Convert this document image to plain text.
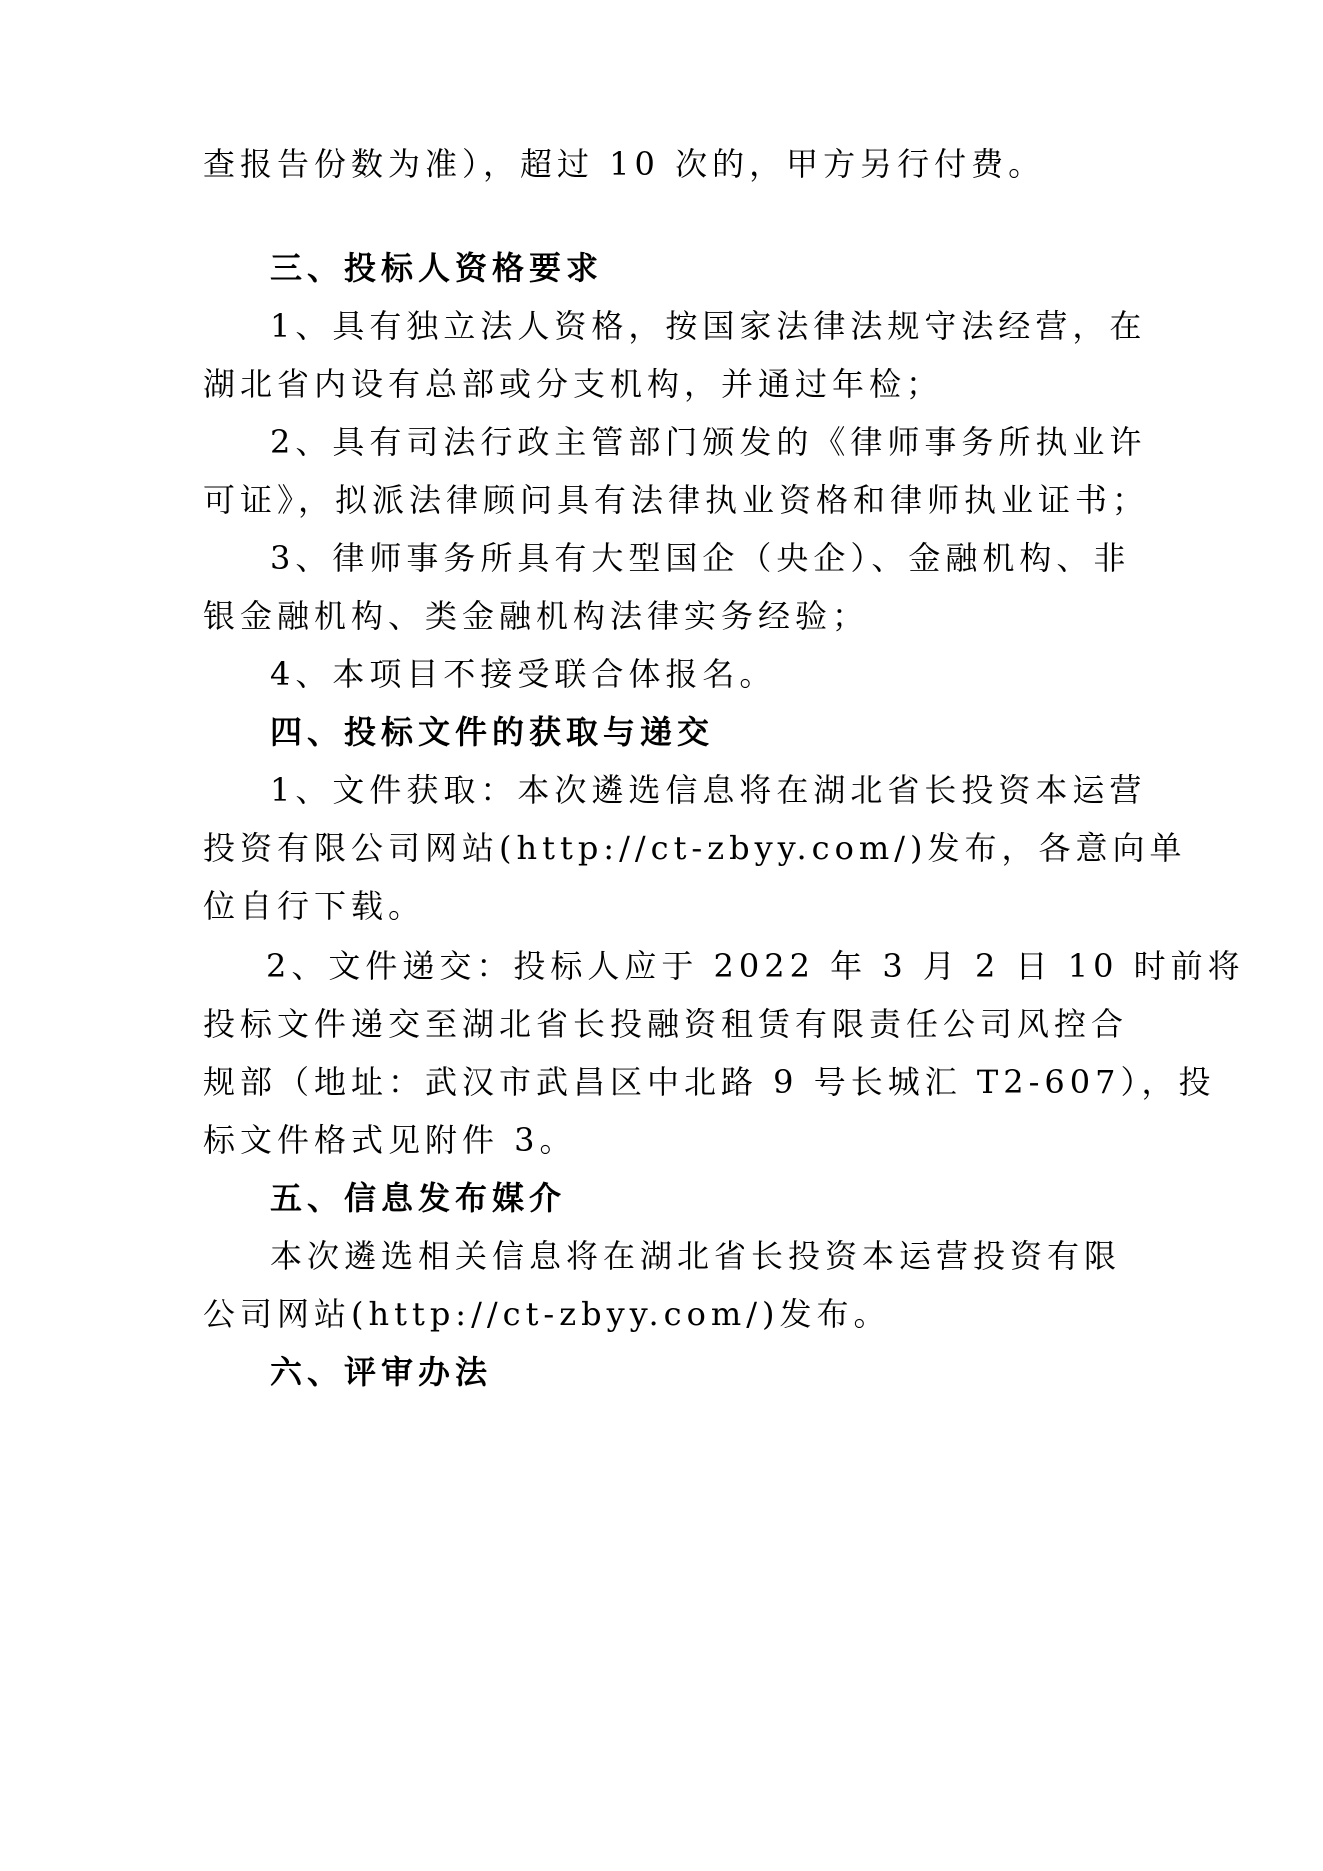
查报告份数为准），超过 10 次的，甲方另行付费。
三、投标人资格要求
1、具有独立法人资格，按国家法律法规守法经营，在
湖北省内设有总部或分支机构，并通过年检；
2、具有司法行政主管部门颁发的《律师事务所执业许
可证》，拟派法律顾问具有法律执业资格和律师执业证书；
3、律师事务所具有大型国企（央企）、金融机构、非
银金融机构、类金融机构法律实务经验；
4、本项目不接受联合体报名。
四、投标文件的获取与递交
1、文件获取：本次遴选信息将在湖北省长投资本运营
投资有限公司网站(http://ct-zbyy.com/)发布，各意向单
位自行下载。
2、文件递交：投标人应于 2022 年 3 月 2 日 10 时前将
投标文件递交至湖北省长投融资租赁有限责任公司风控合
规部（地址：武汉市武昌区中北路 9 号长城汇 T2-607），投
标文件格式见附件 3。
五、信息发布媒介
本次遴选相关信息将在湖北省长投资本运营投资有限
公司网站(http://ct-zbyy.com/)发布。
六、评审办法
